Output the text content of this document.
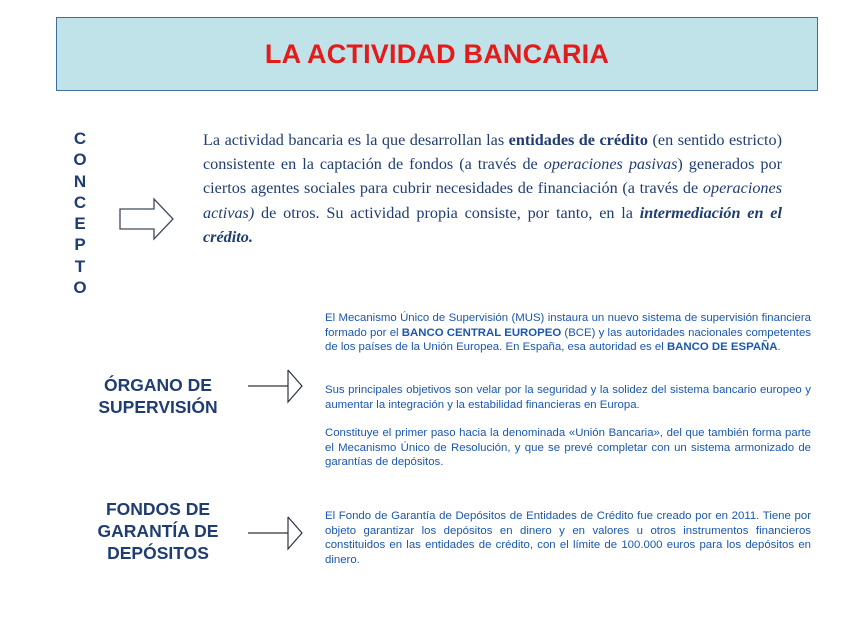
LA ACTIVIDAD BANCARIA
C
O
N
C
E
P
T
O
La actividad bancaria es la que desarrollan las entidades de crédito (en sentido estricto) consistente en la captación de fondos (a través de operaciones pasivas) generados por ciertos agentes sociales para cubrir necesidades de financiación (a través de operaciones activas) de otros. Su actividad propia consiste, por tanto, en la intermediación en el crédito.
ÓRGANO DE
SUPERVISIÓN

El Mecanismo Único de Supervisión (MUS) instaura un nuevo sistema de supervisión financiera formado por el BANCO CENTRAL EUROPEO (BCE) y las autoridades nacionales competentes de los países de la Unión Europea. En España, esa autoridad es el BANCO DE ESPAÑA.

Sus principales objetivos son velar por la seguridad y la solidez del sistema bancario europeo y aumentar la integración y la estabilidad financieras en Europa.

Constituye el primer paso hacia la denominada «Unión Bancaria», del que también forma parte el Mecanismo Único de Resolución, y que se prevé completar con un sistema armonizado de garantías de depósitos.

FONDOS DE
GARANTÍA DE
DEPÓSITOS

El Fondo de Garantía de Depósitos de Entidades de Crédito fue creado por en 2011. Tiene por objeto garantizar los depósitos en dinero y en valores u otros instrumentos financieros constituidos en las entidades de crédito, con el límite de 100.000 euros para los depósitos en dinero.
